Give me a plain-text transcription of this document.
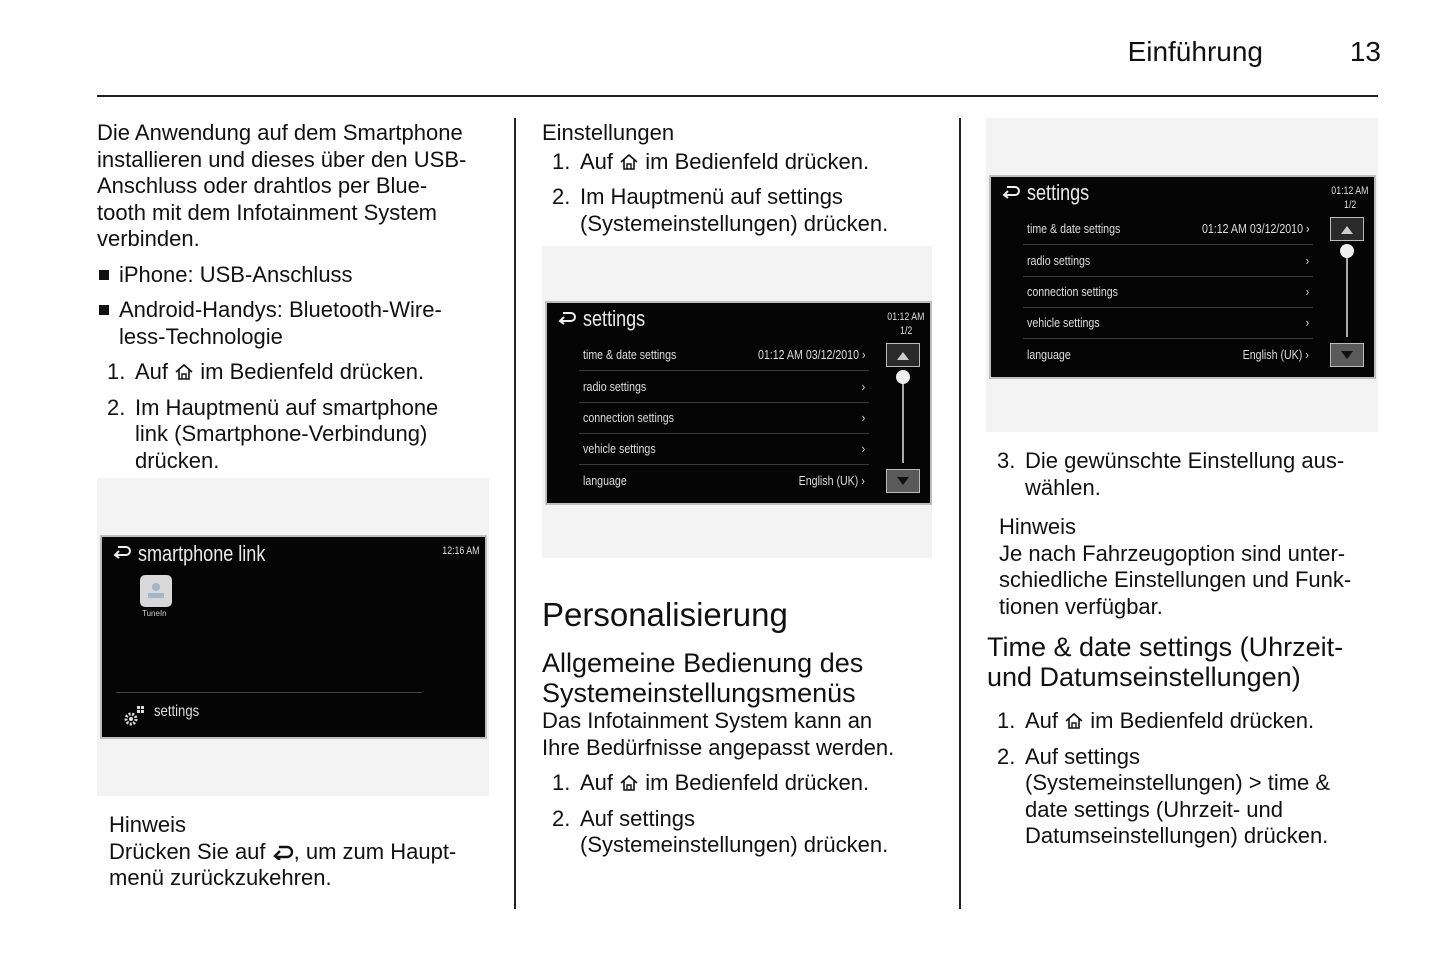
Einführung	13
Die Anwendung auf dem Smartphone
installieren und dieses über den USB-
Anschluss oder drahtlos per Blue-
tooth mit dem Infotainment System
verbinden.
iPhone: USB-Anschluss
Android-Handys: Bluetooth-Wire-
less-Technologie
1. Auf im Bedienfeld drücken.
2. Im Hauptmenü auf smartphone
link (Smartphone-Verbindung)
drücken.
smartphone link	12:16 AM
TuneIn
settings
Hinweis
Drücken Sie auf , um zum Haupt-
menü zurückzukehren.
Einstellungen
1. Auf im Bedienfeld drücken.
2. Im Hauptmenü auf settings
(Systemeinstellungen) drücken.
settings	01:12 AM
1/2
time & date settings	01:12 AM 03/12/2010 ›
radio settings	›
connection settings	›
vehicle settings	›
language	English (UK) ›
Personalisierung
Allgemeine Bedienung des
Systemeinstellungsmenüs
Das Infotainment System kann an
Ihre Bedürfnisse angepasst werden.
1. Auf im Bedienfeld drücken.
2. Auf settings
(Systemeinstellungen) drücken.
settings	01:12 AM
1/2
time & date settings	01:12 AM 03/12/2010 ›
radio settings	›
connection settings	›
vehicle settings	›
language	English (UK) ›
3. Die gewünschte Einstellung aus-
wählen.
Hinweis
Je nach Fahrzeugoption sind unter-
schiedliche Einstellungen und Funk-
tionen verfügbar.
Time & date settings (Uhrzeit-
und Datumseinstellungen)
1. Auf im Bedienfeld drücken.
2. Auf settings
(Systemeinstellungen) > time &
date settings (Uhrzeit- und
Datumseinstellungen) drücken.
